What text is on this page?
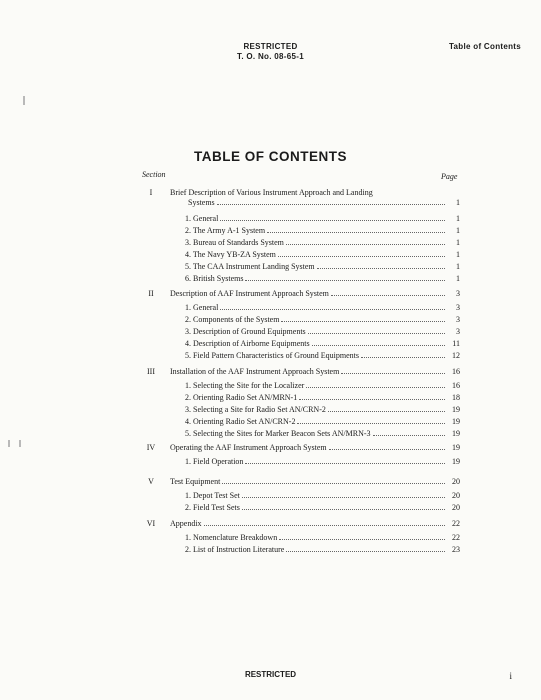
RESTRICTED
T. O. No. 08-65-1
Table of Contents
TABLE OF CONTENTS
Section	Page
I	Brief Description of Various Instrument Approach and Landing
Systems	1
1. General	1
2. The Army A-1 System	1
3. Bureau of Standards System	1
4. The Navy YB-ZA System	1
5. The CAA Instrument Landing System	1
6. British Systems	1
II	Description of AAF Instrument Approach System	3
1. General	3
2. Components of the System	3
3. Description of Ground Equipments	3
4. Description of Airborne Equipments	11
5. Field Pattern Characteristics of Ground Equipments	12
III Installation of the AAF Instrument Approach System	16
1. Selecting the Site for the Localizer	16
2. Orienting Radio Set AN/MRN-1	18
3. Selecting a Site for Radio Set AN/CRN-2	19
4. Orienting Radio Set AN/CRN-2	19
5. Selecting the Sites for Marker Beacon Sets AN/MRN-3	19
IV Operating the AAF Instrument Approach System	19
1. Field Operation	19
V	Test Equipment	20
1. Depot Test Set	20
2. Field Test Sets	20
VI Appendix	22
1. Nomenclature Breakdown	22
2. List of Instruction Literature	23
RESTRICTED	i
